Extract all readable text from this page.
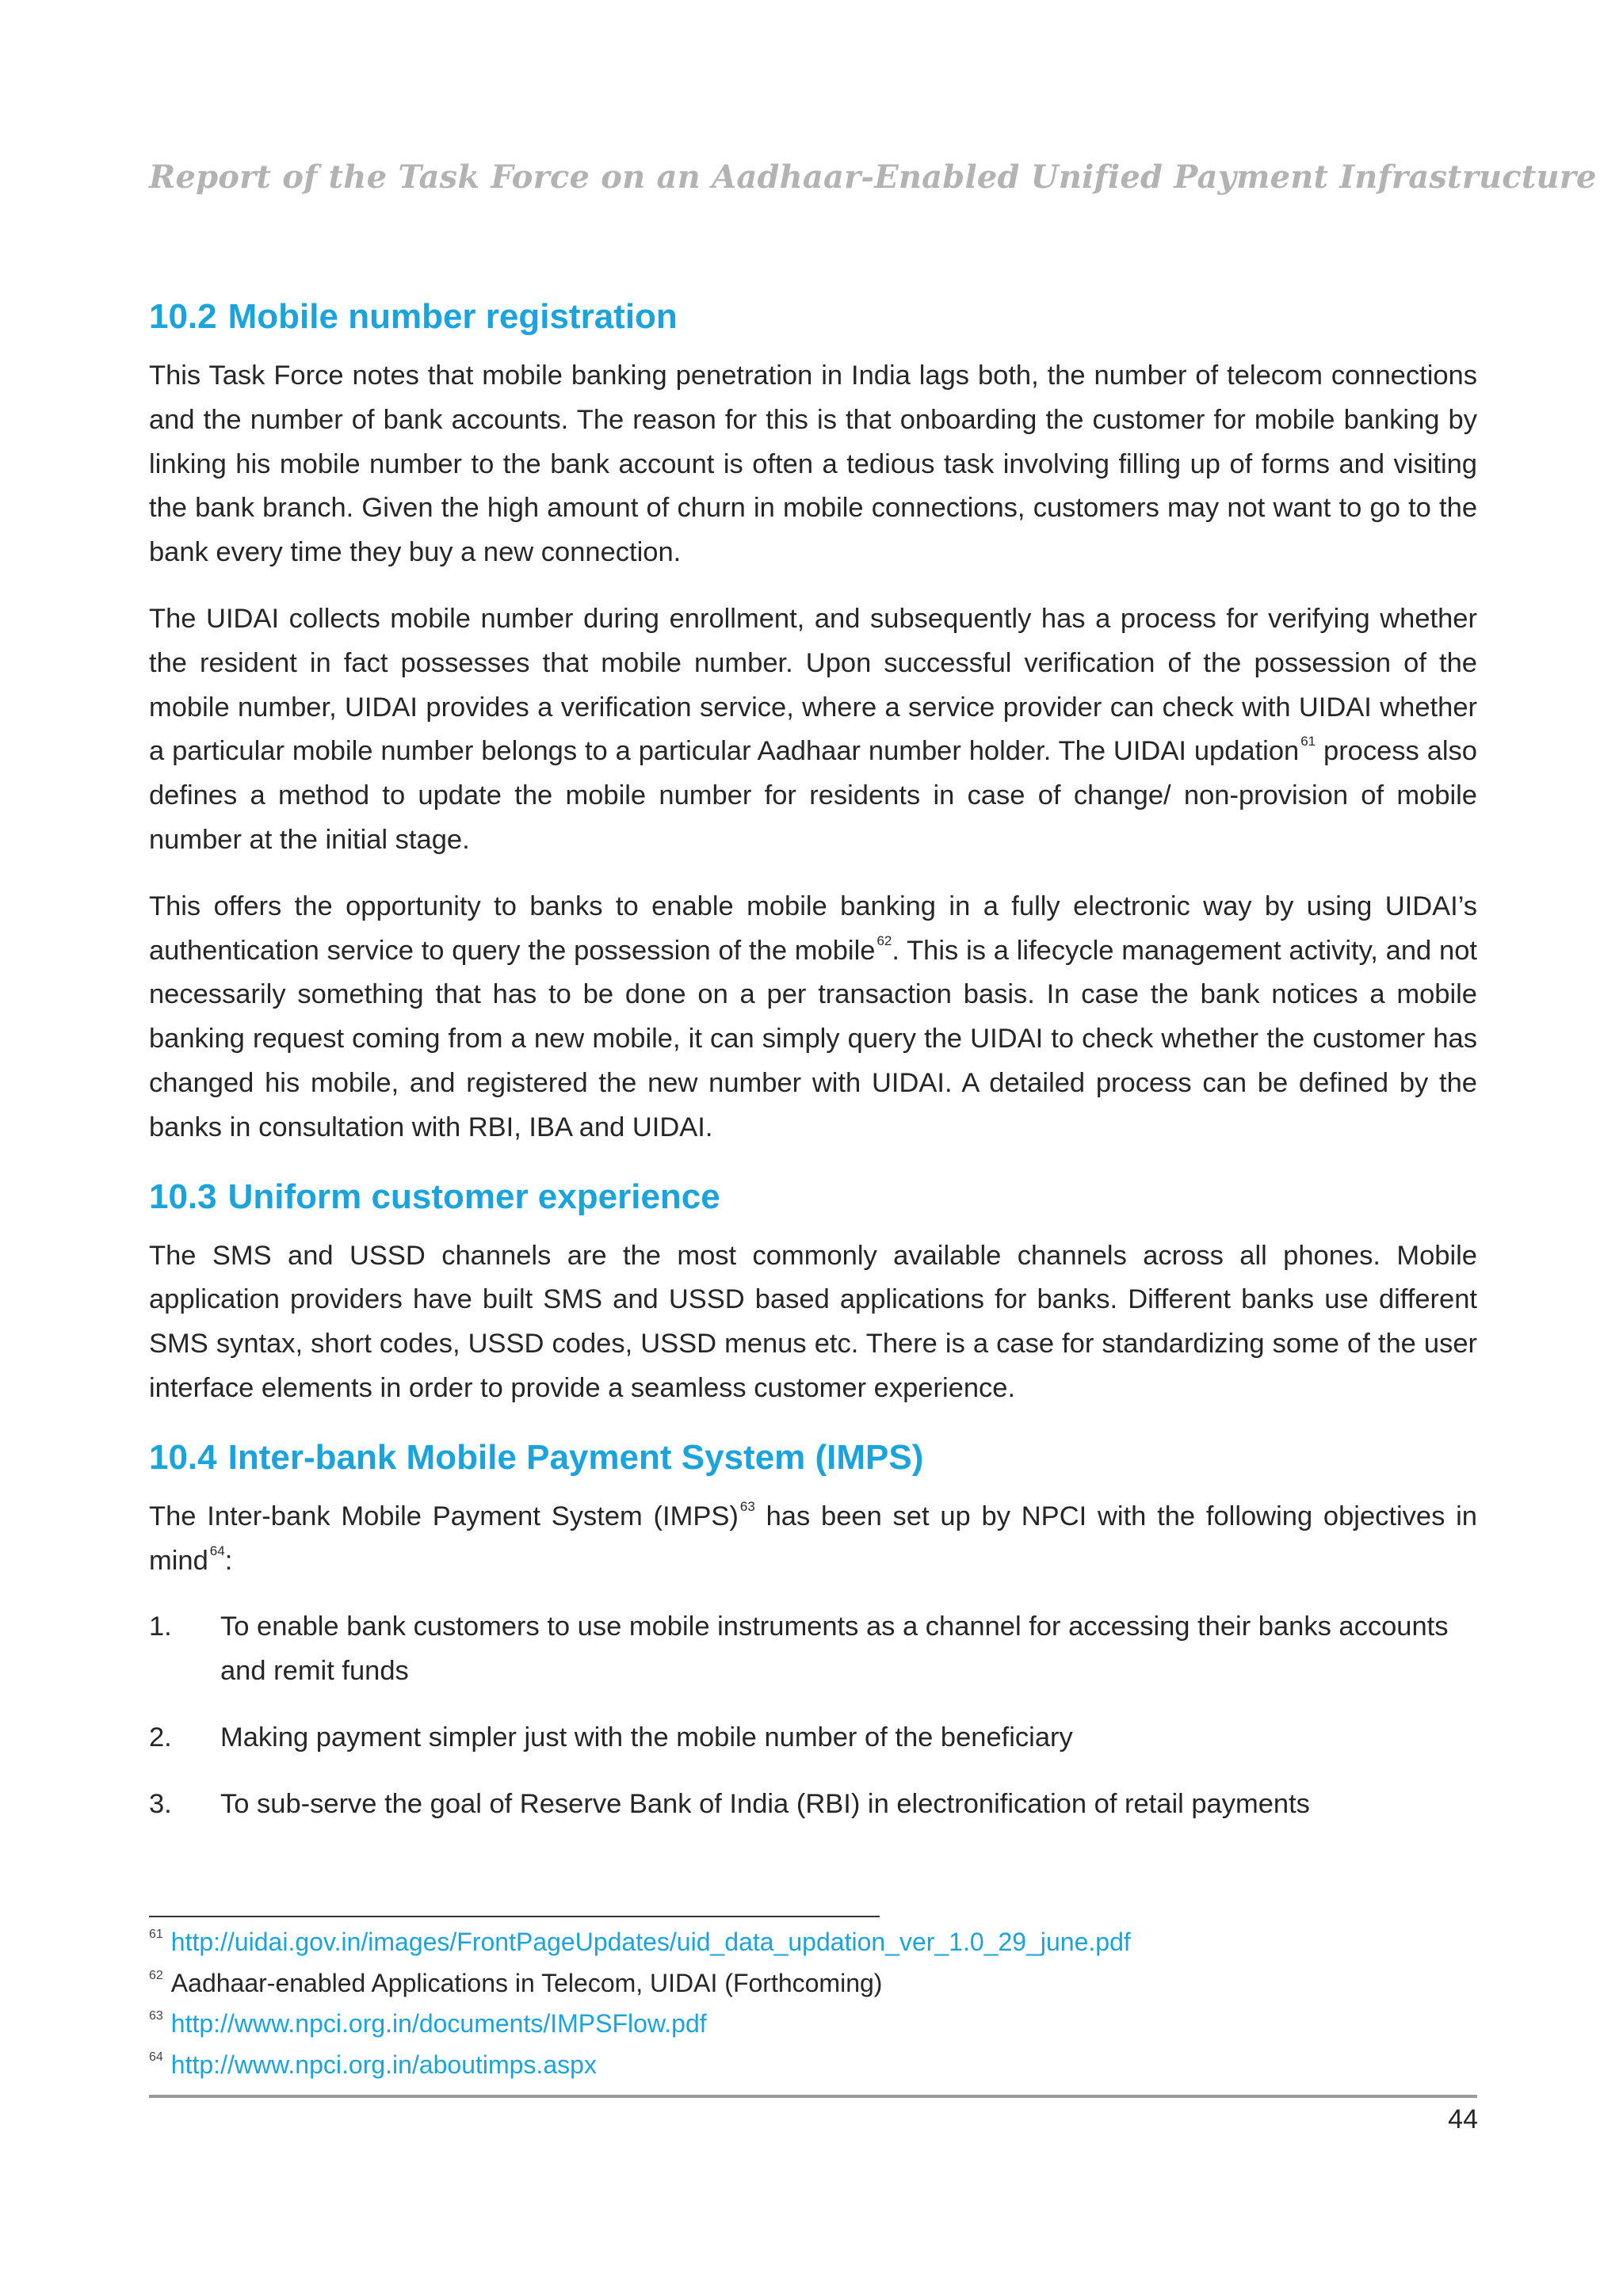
Report of the Task Force on an Aadhaar-Enabled Unified Payment Infrastructure
10.2 Mobile number registration

This Task Force notes that mobile banking penetration in India lags both, the number of telecom connections and the number of bank accounts. The reason for this is that onboarding the customer for mobile banking by linking his mobile number to the bank account is often a tedious task involving filling up of forms and visiting the bank branch. Given the high amount of churn in mobile connections, customers may not want to go to the bank every time they buy a new connection.

The UIDAI collects mobile number during enrollment, and subsequently has a process for verifying whether the resident in fact possesses that mobile number. Upon successful verification of the possession of the mobile number, UIDAI provides a verification service, where a service provider can check with UIDAI whether a particular mobile number belongs to a particular Aadhaar number holder. The UIDAI updation $^{61}$ process also defines a method to update the mobile number for residents in case of change/ non-provision of mobile number at the initial stage.

This offers the opportunity to banks to enable mobile banking in a fully electronic way by using UIDAI’s authentication service to query the possession of the mobile $^{62}$. This is a lifecycle management activity, and not necessarily something that has to be done on a per transaction basis. In case the bank notices a mobile banking request coming from a new mobile, it can simply query the UIDAI to check whether the customer has changed his mobile, and registered the new number with UIDAI. A detailed process can be defined by the banks in consultation with RBI, IBA and UIDAI.

10.3 Uniform customer experience

The SMS and USSD channels are the most commonly available channels across all phones. Mobile application providers have built SMS and USSD based applications for banks. Different banks use different SMS syntax, short codes, USSD codes, USSD menus etc. There is a case for standardizing some of the user interface elements in order to provide a seamless customer experience.

10.4 Inter-bank Mobile Payment System (IMPS)

The Inter-bank Mobile Payment System (IMPS) $^{63}$ has been set up by NPCI with the following objectives in mind $^{64}$:

1.	To enable bank customers to use mobile instruments as a channel for accessing their banks accounts and remit funds
2.	Making payment simpler just with the mobile number of the beneficiary
3.	To sub-serve the goal of Reserve Bank of India (RBI) in electronification of retail payments
$^{61}$ http://uidai.gov.in/images/FrontPageUpdates/uid_data_updation_ver_1.0_29_june.pdf
$^{62}$ Aadhaar-enabled Applications in Telecom, UIDAI (Forthcoming)
$^{63}$ http://www.npci.org.in/documents/IMPSFlow.pdf
$^{64}$ http://www.npci.org.in/aboutimps.aspx
44
